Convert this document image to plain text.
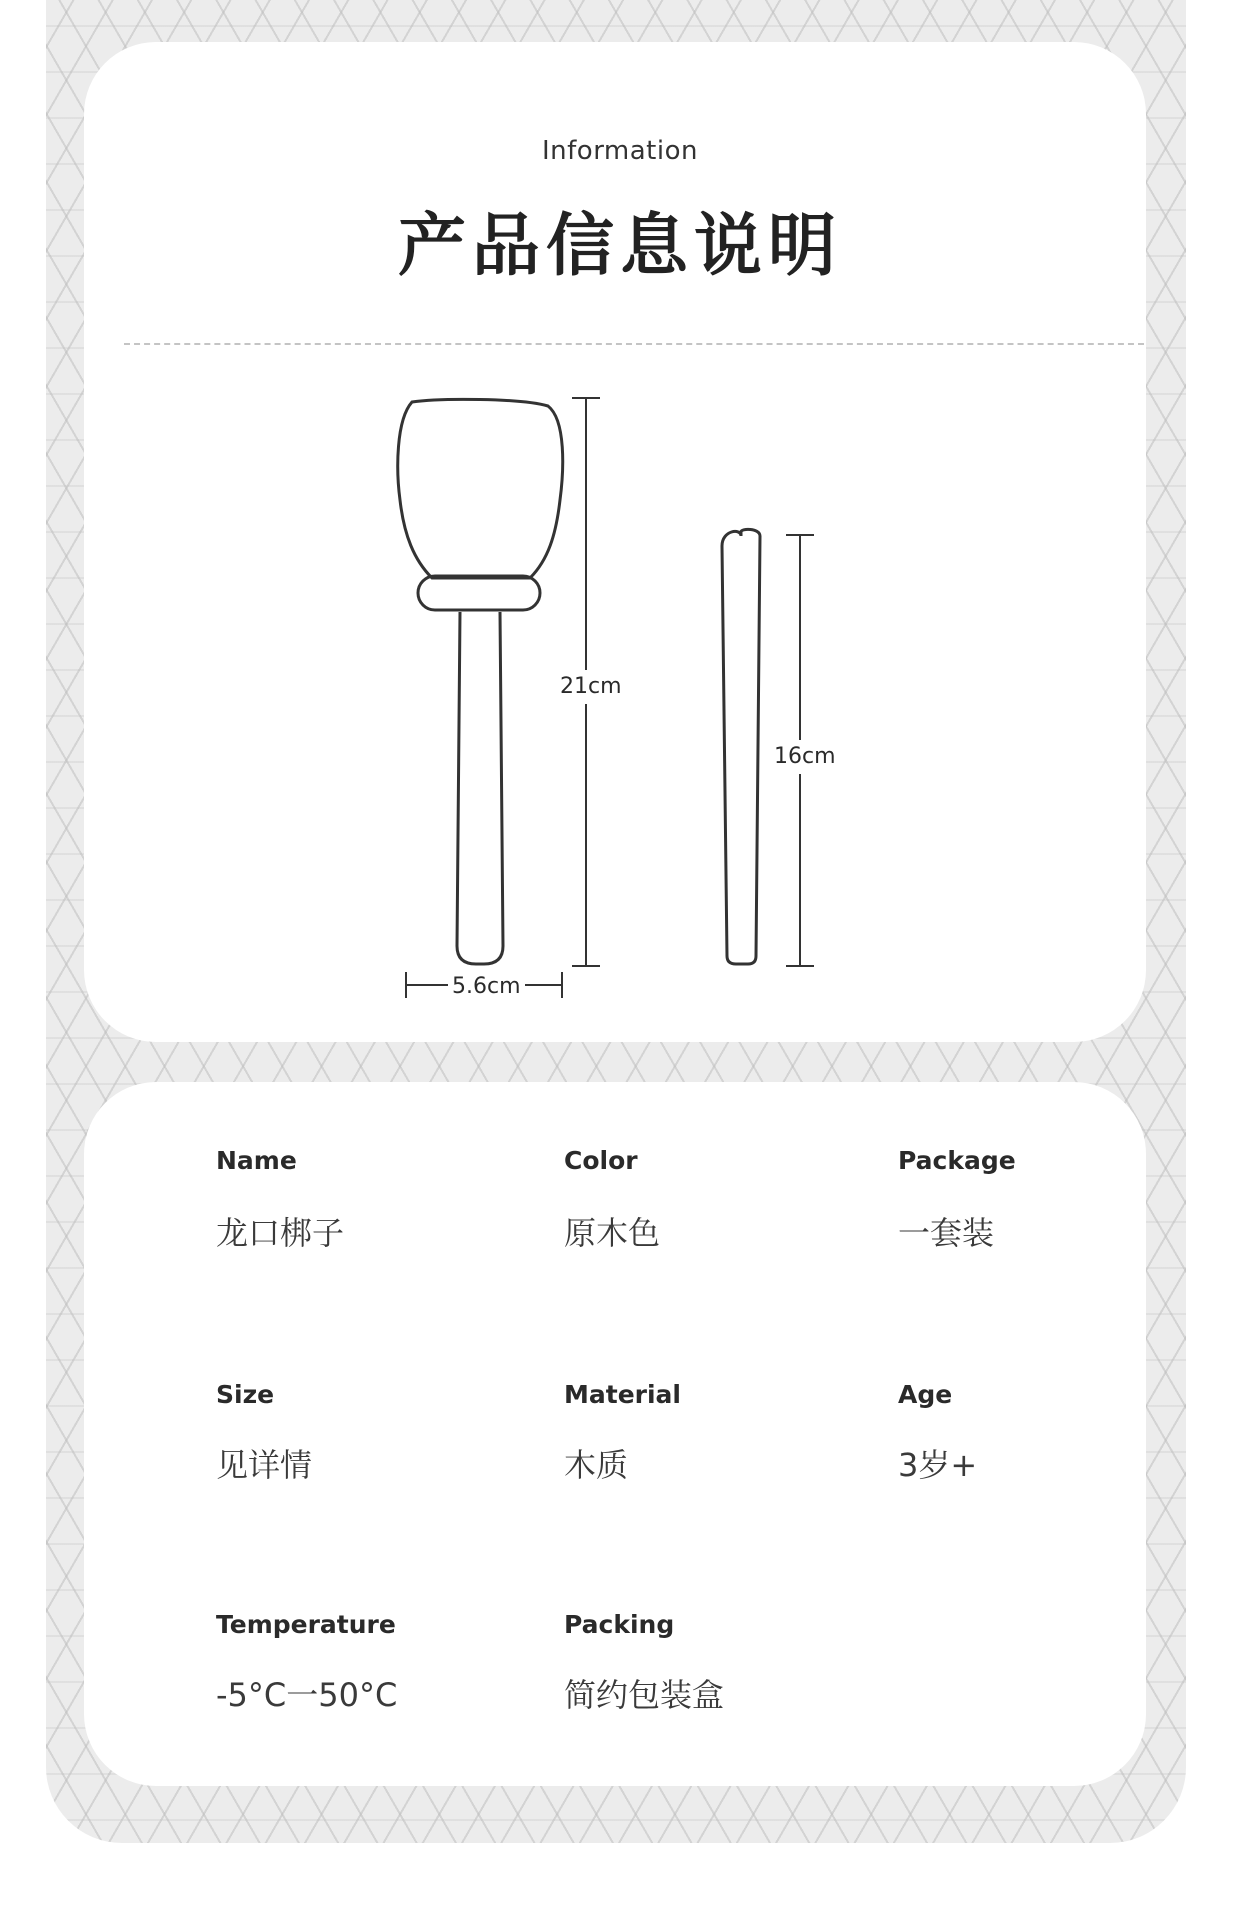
Information
产品信息说明
21cm
5.6cm
16cm
Name
龙口梆子
Color
原木色
Package
一套装
Size
见详情
Material
木质
Age
3岁+
Temperature
-5°C一50°C
Packing
简约包装盒
